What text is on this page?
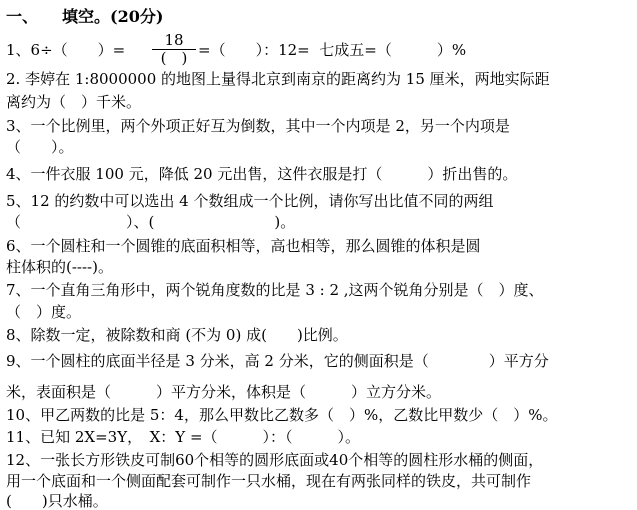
一、　　填空。(20分)
1、6÷（　　）=
18
(　) =（　　）：12=  七成五=（　　　）%
2. 李婷在 1:8000000 的地图上量得北京到南京的距离约为 15 厘米，两地实际距
离约为（　）千米。
3、一个比例里，两个外项正好互为倒数，其中一个内项是 2，另一个内项是
（　　）。
4、一件衣服 100 元，降低 20 元出售，这件衣服是打（　　　）折出售的。
5、12 的约数中可以选出 4 个数组成一个比例，请你写出比值不同的两组
（　　　　　　　）、(　　　　　　　　)。
6、一个圆柱和一个圆锥的底面积相等，高也相等，那么圆锥的体积是圆
柱体积的(----)。
7、一个直角三角形中，两个锐角度数的比是 3 : 2 ,这两个锐角分别是（　）度、
（　）度。
8、除数一定，被除数和商 (不为 0) 成(　　)比例。
9、一个圆柱的底面半径是 3 分米，高 2 分米，它的侧面积是（　　　　）平方分
米，表面积是（　　　）平方分米，体积是（　　　）立方分米。
10、甲乙两数的比是 5：4，那么甲数比乙数多（　）%，乙数比甲数少（　）%。
11、已知 2X=3Y，　X：Y =（　　　）：（　　　）。
12、一张长方形铁皮可制60个相等的圆形底面或40个相等的圆柱形水桶的侧面，
用一个底面和一个侧面配套可制作一只水桶，现在有两张同样的铁皮，共可制作
(　　)只水桶。
